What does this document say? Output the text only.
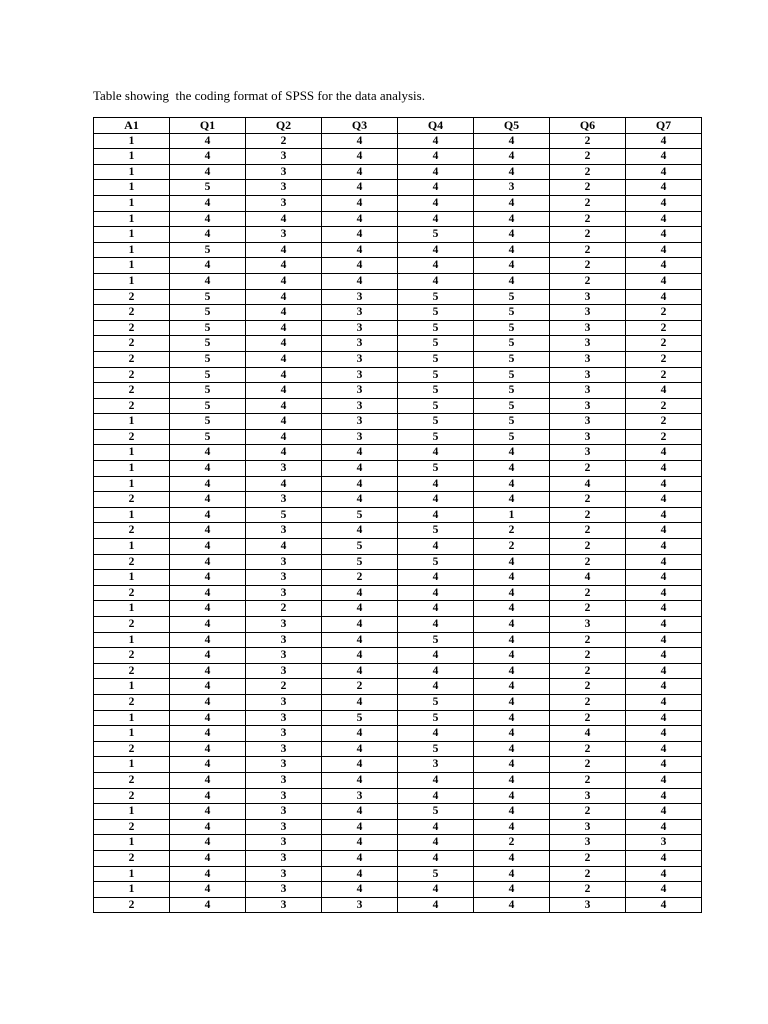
Table showing  the coding format of SPSS for the data analysis.
A1	Q1	Q2	Q3	Q4	Q5	Q6	Q7
1	4	2	4	4	4	2	4
1	4	3	4	4	4	2	4
1	4	3	4	4	4	2	4
1	5	3	4	4	3	2	4
1	4	3	4	4	4	2	4
1	4	4	4	4	4	2	4
1	4	3	4	5	4	2	4
1	5	4	4	4	4	2	4
1	4	4	4	4	4	2	4
1	4	4	4	4	4	2	4
2	5	4	3	5	5	3	4
2	5	4	3	5	5	3	2
2	5	4	3	5	5	3	2
2	5	4	3	5	5	3	2
2	5	4	3	5	5	3	2
2	5	4	3	5	5	3	2
2	5	4	3	5	5	3	4
2	5	4	3	5	5	3	2
1	5	4	3	5	5	3	2
2	5	4	3	5	5	3	2
1	4	4	4	4	4	3	4
1	4	3	4	5	4	2	4
1	4	4	4	4	4	4	4
2	4	3	4	4	4	2	4
1	4	5	5	4	1	2	4
2	4	3	4	5	2	2	4
1	4	4	5	4	2	2	4
2	4	3	5	5	4	2	4
1	4	3	2	4	4	4	4
2	4	3	4	4	4	2	4
1	4	2	4	4	4	2	4
2	4	3	4	4	4	3	4
1	4	3	4	5	4	2	4
2	4	3	4	4	4	2	4
2	4	3	4	4	4	2	4
1	4	2	2	4	4	2	4
2	4	3	4	5	4	2	4
1	4	3	5	5	4	2	4
1	4	3	4	4	4	4	4
2	4	3	4	5	4	2	4
1	4	3	4	3	4	2	4
2	4	3	4	4	4	2	4
2	4	3	3	4	4	3	4
1	4	3	4	5	4	2	4
2	4	3	4	4	4	3	4
1	4	3	4	4	2	3	3
2	4	3	4	4	4	2	4
1	4	3	4	5	4	2	4
1	4	3	4	4	4	2	4
2	4	3	3	4	4	3	4
